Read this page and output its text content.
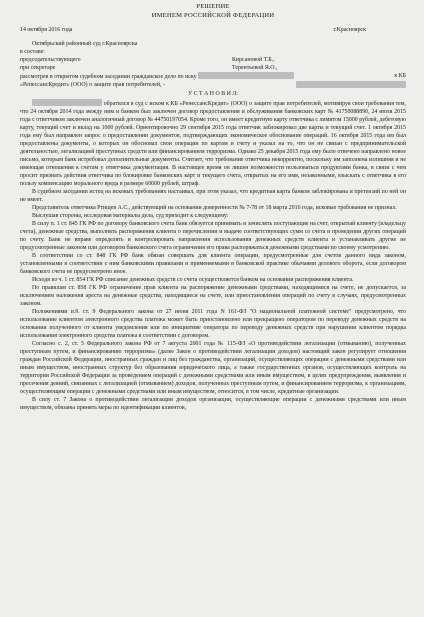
РЕШЕНИЕ
ИМЕНЕМ РОССИЙСКОЙ ФЕДЕРАЦИИ
14 октября 2016 года	г.Красноярск
Октябрьский районный суд г.Красноярска
в составе:
председательствующего	Кирсановой Т.Б.,
при секретаре	Терентьевой Я.О.,
рассмотрев в открытом судебном заседании гражданское дело по иску	к КБ
«РенессансКредит» (ООО) о защите прав потребителей, -
У С Т А Н О В И Л:

обратился в суд с иском к КБ «РенессансКредит» (ООО) о защите прав потребителей, мотивируя свои требования тем, что 24 октября 2014 года между ним и банком был заключен договор предоставления и обслуживания банковских карт № 41750088890, 24 июля 2015 года с ответчиком заключен аналогичный договор № 44750197054. Кроме того, он имеет кредитную карту ответчика с лимитом 15000 рублей, дебетовую карту, текущий счет и вклад на 1000 рублей. Ориентировочно 29 сентября 2015 года ответчик заблокировал две карты и текущий счет. 1 октября 2015 года ему был направлен запрос о предоставлении документов, подтверждающих экономическое обоснование операций. 16 октября 2015 года им был предоставлены документы, о которых он обосновал свои операции по картам и счету и указал на то, что он не связан с предпринимательской деятельностью, легализацией преступных средств или финансированием терроризма. Однако 25 декабря 2015 года ему было отвечено направлено новое письмо, которым банк истребовал дополнительные документы. Считает, что требование ответчика некорректно, поскольку им заполнена излишняя и не имеющая отношения к счетам у ответчика документация. В настоящее время он лишен возможности пользоваться продуктами банка, в связи с чем просит признать действия ответчика по блокировке банковских карт и текущего счета, открытых на его имя, незаконными, взыскать с ответчика в его пользу компенсацию морального вреда в размере 60000 рублей, штраф.

В судебном заседании истец на исковых требованиях настаивал, при этом указал, что кредитная карта банком заблокирована и претензий по ней он не имеет.

Представитель ответчика Ртищев А.С., действующий на основании доверенности № 7-78 от 18 марта 2016 года, исковые требования не признал.

Выслушав стороны, исследовав материалы дела, суд приходит к следующему:

В силу п. 1 ст. 845 ГК РФ по договору банковского счета банк обязуется принимать и зачислять поступающие на счет, открытый клиенту (владельцу счета), денежные средства, выполнять распоряжения клиента о перечислении и выдаче соответствующих сумм со счета и проведении других операций по счету. Банк не вправе определять и контролировать направления использования денежных средств клиента и устанавливать другие не предусмотренные законом или договором банковского счета ограничения его права распоряжаться денежными средствами по своему усмотрению.

В соответствии со ст. 848 ГК РФ банк обязан совершать для клиента операции, предусмотренные для счетов данного вида законом, установленными в соответствии с ним банковскими правилами и применяемыми в банковской практике обычаями делового оборота, если договором банковского счета не предусмотрено иное.

Исходя из ч. 1 ст. 854 ГК РФ списание денежных средств со счета осуществляется банком на основании распоряжения клиента.

По правилам ст. 858 ГК РФ ограничение прав клиента на распоряжение денежными средствами, находящимися на счете, не допускается, за исключением наложения ареста на денежные средства, находящиеся на счете, или приостановления операций по счету в случаях, предусмотренных законом.

Положениями п.9. ст. 9 Федерального закона от 27 июня 2011 года N 161-ФЗ "О национальной платежной системе" предусмотрено, что использование клиентом электронного средства платежа может быть приостановлено или прекращено оператором по переводу денежных средств на основании полученного от клиента уведомления или по инициативе оператора по переводу денежных средств при нарушении клиентом порядка использования электронного средства платежа в соответствии с договором.

Согласно с. 2, ст. 5 Федерального закона РФ от 7 августа 2001 года № 115-ФЗ «О противодействии легализации (отмыванию), полученных преступным путем, и финансированию терроризма» (далее Закон о противодействии легализации доходов) настоящий закон регулирует отношения граждан Российской Федерации, иностранных граждан и лиц без гражданства, организаций, осуществляющих операции с денежными средствами или иным имуществом, иностранных структур без образования юридического лица, а также государственных органов, осуществляющих контроль на территории Российской Федерации за проведением операций с денежными средствами или иным имуществом, в целях предупреждения, выявления и пресечения деяний, связанных с легализацией (отмыванием) доходов, полученных преступным путем, и финансированием терроризма, к организациям, осуществляющим операции с денежными средствами или иным имуществом, относится, в том числе, кредитные организации.

В силу ст. 7 Закона о противодействии легализации доходов организации, осуществляющие операции с денежными средствами или иным имуществом, обязаны принять меры по идентификации клиентов,
